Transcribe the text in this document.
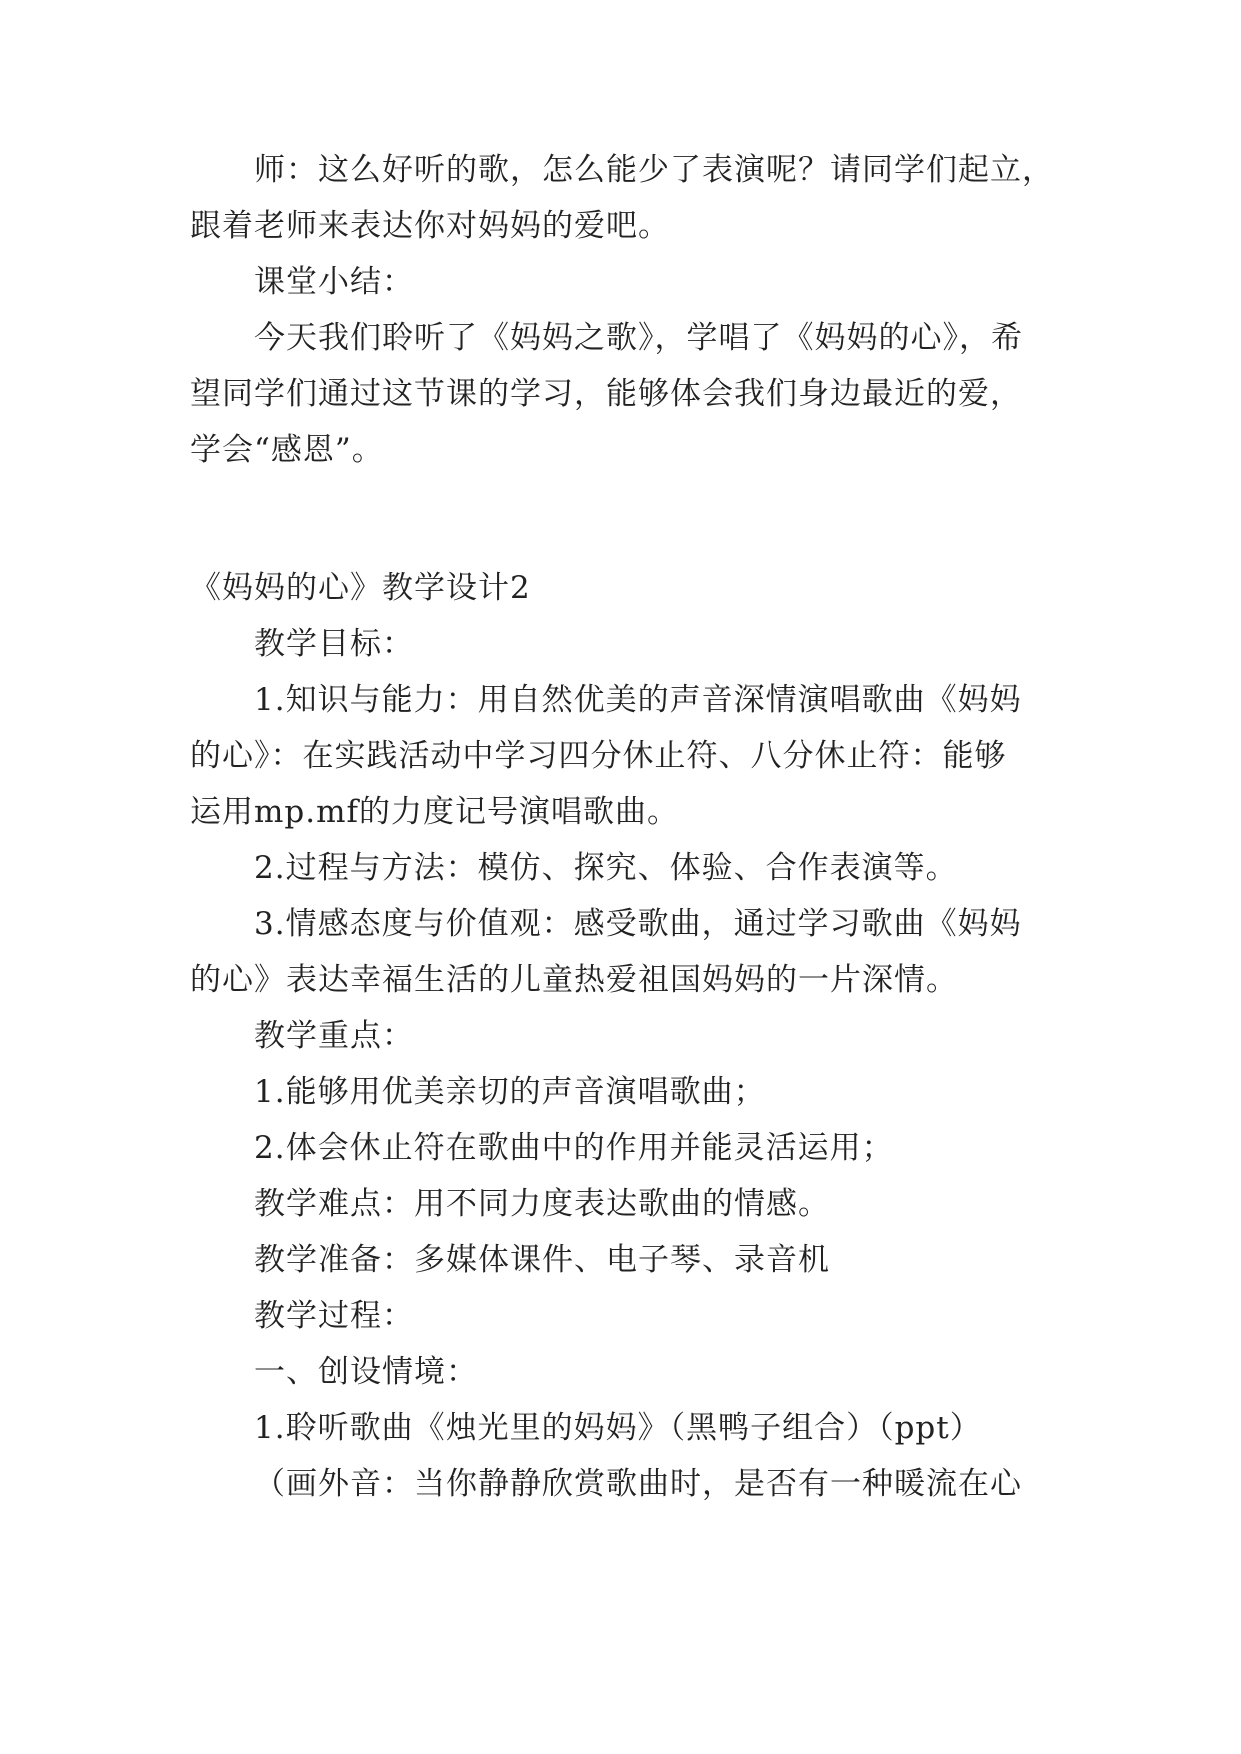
师：这么好听的歌，怎么能少了表演呢？请同学们起立，
跟着老师来表达你对妈妈的爱吧。
课堂小结：
今天我们聆听了《妈妈之歌》，学唱了《妈妈的心》，希
望同学们通过这节课的学习，能够体会我们身边最近的爱，
学会“感恩”。
《妈妈的心》教学设计2
教学目标：
1.知识与能力：用自然优美的声音深情演唱歌曲《妈妈
的心》：在实践活动中学习四分休止符、八分休止符：能够
运用mp.mf的力度记号演唱歌曲。
2.过程与方法：模仿、探究、体验、合作表演等。
3.情感态度与价值观：感受歌曲，通过学习歌曲《妈妈
的心》表达幸福生活的儿童热爱祖国妈妈的一片深情。
教学重点：
1.能够用优美亲切的声音演唱歌曲；
2.体会休止符在歌曲中的作用并能灵活运用；
教学难点：用不同力度表达歌曲的情感。
教学准备：多媒体课件、电子琴、录音机
教学过程：
一、创设情境：
1.聆听歌曲《烛光里的妈妈》（黑鸭子组合）（ppt）
（画外音：当你静静欣赏歌曲时，是否有一种暖流在心
